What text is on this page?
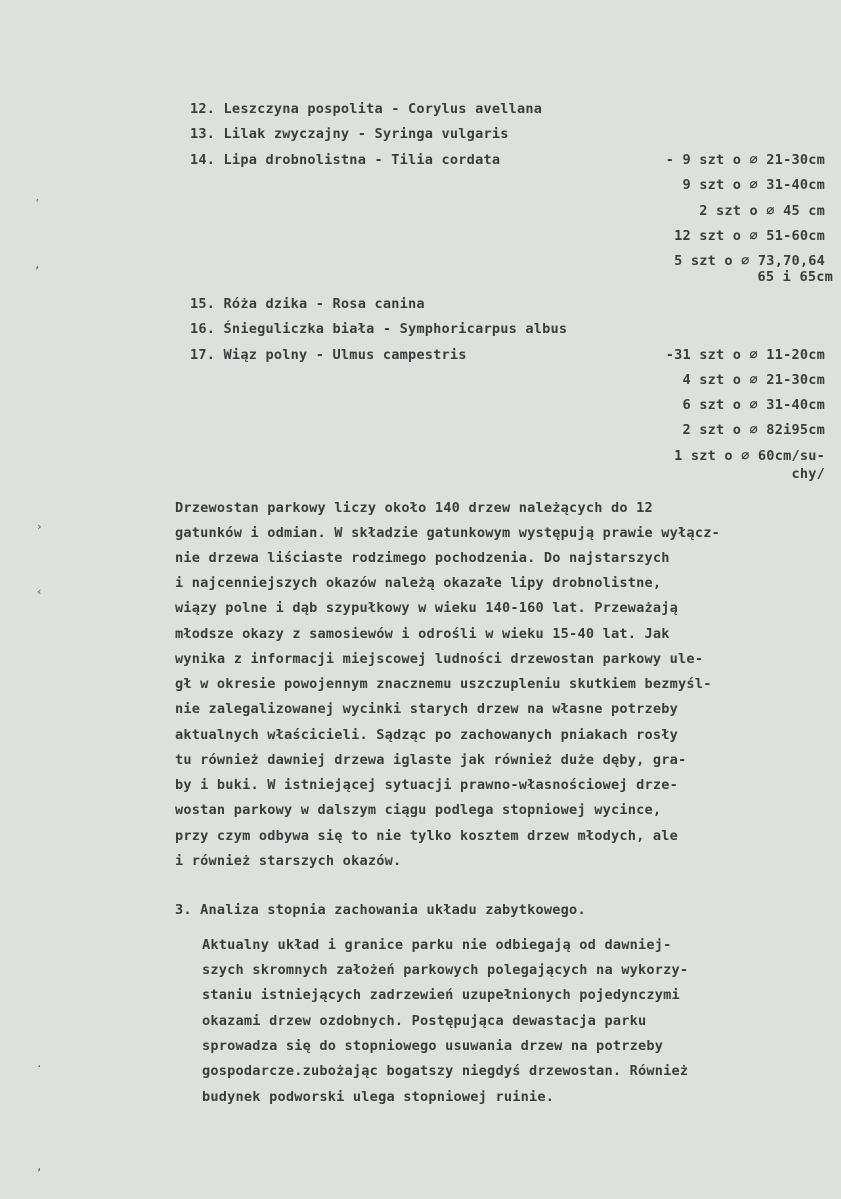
ʿ
,
›
‹
·
,
12. Leszczyna pospolita - Corylus avellana
13. Lilak zwyczajny - Syringa vulgaris
14. Lipa drobnolistna - Tilia cordata	- 9 szt o ∅ 21-30cm
9 szt o ∅ 31-40cm
2 szt o ∅ 45 cm
12 szt o ∅ 51-60cm
5 szt o ∅ 73,70,64
65 i 65cm
15. Róża dzika - Rosa canina
16. Śnieguliczka biała - Symphoricarpus albus
17. Wiąz polny - Ulmus campestris	-31 szt o ∅ 11-20cm
4 szt o ∅ 21-30cm
6 szt o ∅ 31-40cm
2 szt o ∅ 82i95cm
1 szt o ∅ 60cm/su-
chy/
Drzewostan parkowy liczy około 140 drzew należących do 12
gatunków i odmian. W składzie gatunkowym występują prawie wyłącz-
nie drzewa liściaste rodzimego pochodzenia. Do najstarszych
i najcenniejszych okazów należą okazałe lipy drobnolistne,
wiązy polne i dąb szypułkowy w wieku 140-160 lat. Przeważają
młodsze okazy z samosiewów i odrośli w wieku 15-40 lat. Jak
wynika z informacji miejscowej ludności drzewostan parkowy ule-
gł w okresie powojennym znacznemu uszczupleniu skutkiem bezmyśl-
nie zalegalizowanej wycinki starych drzew na własne potrzeby
aktualnych właścicieli. Sądząc po zachowanych pniakach rosły
tu również dawniej drzewa iglaste jak również duże dęby, gra-
by i buki. W istniejącej sytuacji prawno-własnościowej drze-
wostan parkowy w dalszym ciągu podlega stopniowej wycince,
przy czym odbywa się to nie tylko kosztem drzew młodych, ale
i również starszych okazów.
3. Analiza stopnia zachowania układu zabytkowego.
Aktualny układ i granice parku nie odbiegają od dawniej-
szych skromnych założeń parkowych polegających na wykorzy-
staniu istniejących zadrzewień uzupełnionych pojedynczymi
okazami drzew ozdobnych. Postępująca dewastacja parku
sprowadza się do stopniowego usuwania drzew na potrzeby
gospodarcze.zubożając bogatszy niegdyś drzewostan. Również
budynek podworski ulega stopniowej ruinie.
